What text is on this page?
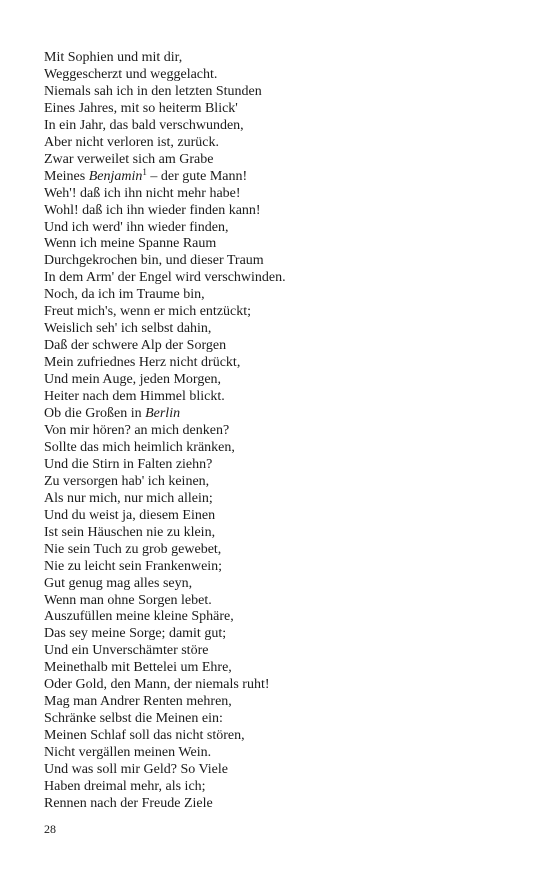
Mit Sophien und mit dir,
Weggescherzt und weggelacht.
Niemals sah ich in den letzten Stunden
Eines Jahres, mit so heiterm Blick'
In ein Jahr, das bald verschwunden,
Aber nicht verloren ist, zurück.
Zwar verweilet sich am Grabe
Meines Benjamin$^1$ – der gute Mann!
Weh'! daß ich ihn nicht mehr habe!
Wohl! daß ich ihn wieder finden kann!
Und ich werd' ihn wieder finden,
Wenn ich meine Spanne Raum
Durchgekrochen bin, und dieser Traum
In dem Arm' der Engel wird verschwinden.
Noch, da ich im Traume bin,
Freut mich's, wenn er mich entzückt;
Weislich seh' ich selbst dahin,
Daß der schwere Alp der Sorgen
Mein zufriednes Herz nicht drückt,
Und mein Auge, jeden Morgen,
Heiter nach dem Himmel blickt.
Ob die Großen in Berlin
Von mir hören? an mich denken?
Sollte das mich heimlich kränken,
Und die Stirn in Falten ziehn?
Zu versorgen hab' ich keinen,
Als nur mich, nur mich allein;
Und du weist ja, diesem Einen
Ist sein Häuschen nie zu klein,
Nie sein Tuch zu grob gewebet,
Nie zu leicht sein Frankenwein;
Gut genug mag alles seyn,
Wenn man ohne Sorgen lebet.
Auszufüllen meine kleine Sphäre,
Das sey meine Sorge; damit gut;
Und ein Unverschämter störe
Meinethalb mit Bettelei um Ehre,
Oder Gold, den Mann, der niemals ruht!
Mag man Andrer Renten mehren,
Schränke selbst die Meinen ein:
Meinen Schlaf soll das nicht stören,
Nicht vergällen meinen Wein.
Und was soll mir Geld? So Viele
Haben dreimal mehr, als ich;
Rennen nach der Freude Ziele
28
